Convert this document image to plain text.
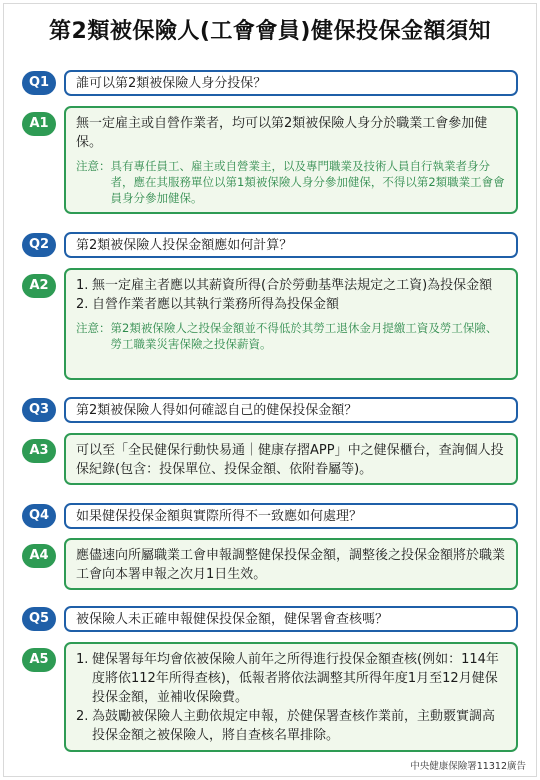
第2類被保險人(工會會員)健保投保金額須知
Q1	誰可以第2類被保險人身分投保？
A1	無一定雇主或自營作業者，均可以第2類被保險人身分於職業工會參加健保。
注意： 具有專任員工、雇主或自營業主，以及專門職業及技術人員自行執業者身分者，應在其服務單位以第1類被保險人身分參加健保，不得以第2類職業工會會員身分參加健保。
Q2	第2類被保險人投保金額應如何計算？
A2	1. 無一定雇主者應以其薪資所得(合於勞動基準法規定之工資)為投保金額
2. 自營作業者應以其執行業務所得為投保金額
注意： 第2類被保險人之投保金額並不得低於其勞工退休金月提繳工資及勞工保險、勞工職業災害保險之投保薪資。
Q3	第2類被保險人得如何確認自己的健保投保金額？
A3	可以至「全民健保行動快易通｜健康存摺APP」中之健保櫃台，查詢個人投保紀錄(包含：投保單位、投保金額、依附眷屬等)。
Q4	如果健保投保金額與實際所得不一致應如何處理？
A4	應儘速向所屬職業工會申報調整健保投保金額，調整後之投保金額將於職業工會向本署申報之次月1日生效。
Q5	被保險人未正確申報健保投保金額，健保署會查核嗎？
A5	1. 健保署每年均會依被保險人前年之所得進行投保金額查核(例如：114年度將依112年所得查核)，低報者將依法調整其所得年度1月至12月健保投保金額，並補收保險費。
2. 為鼓勵被保險人主動依規定申報，於健保署查核作業前，主動覈實調高投保金額之被保險人，將自查核名單排除。
中央健康保險署11312廣告
